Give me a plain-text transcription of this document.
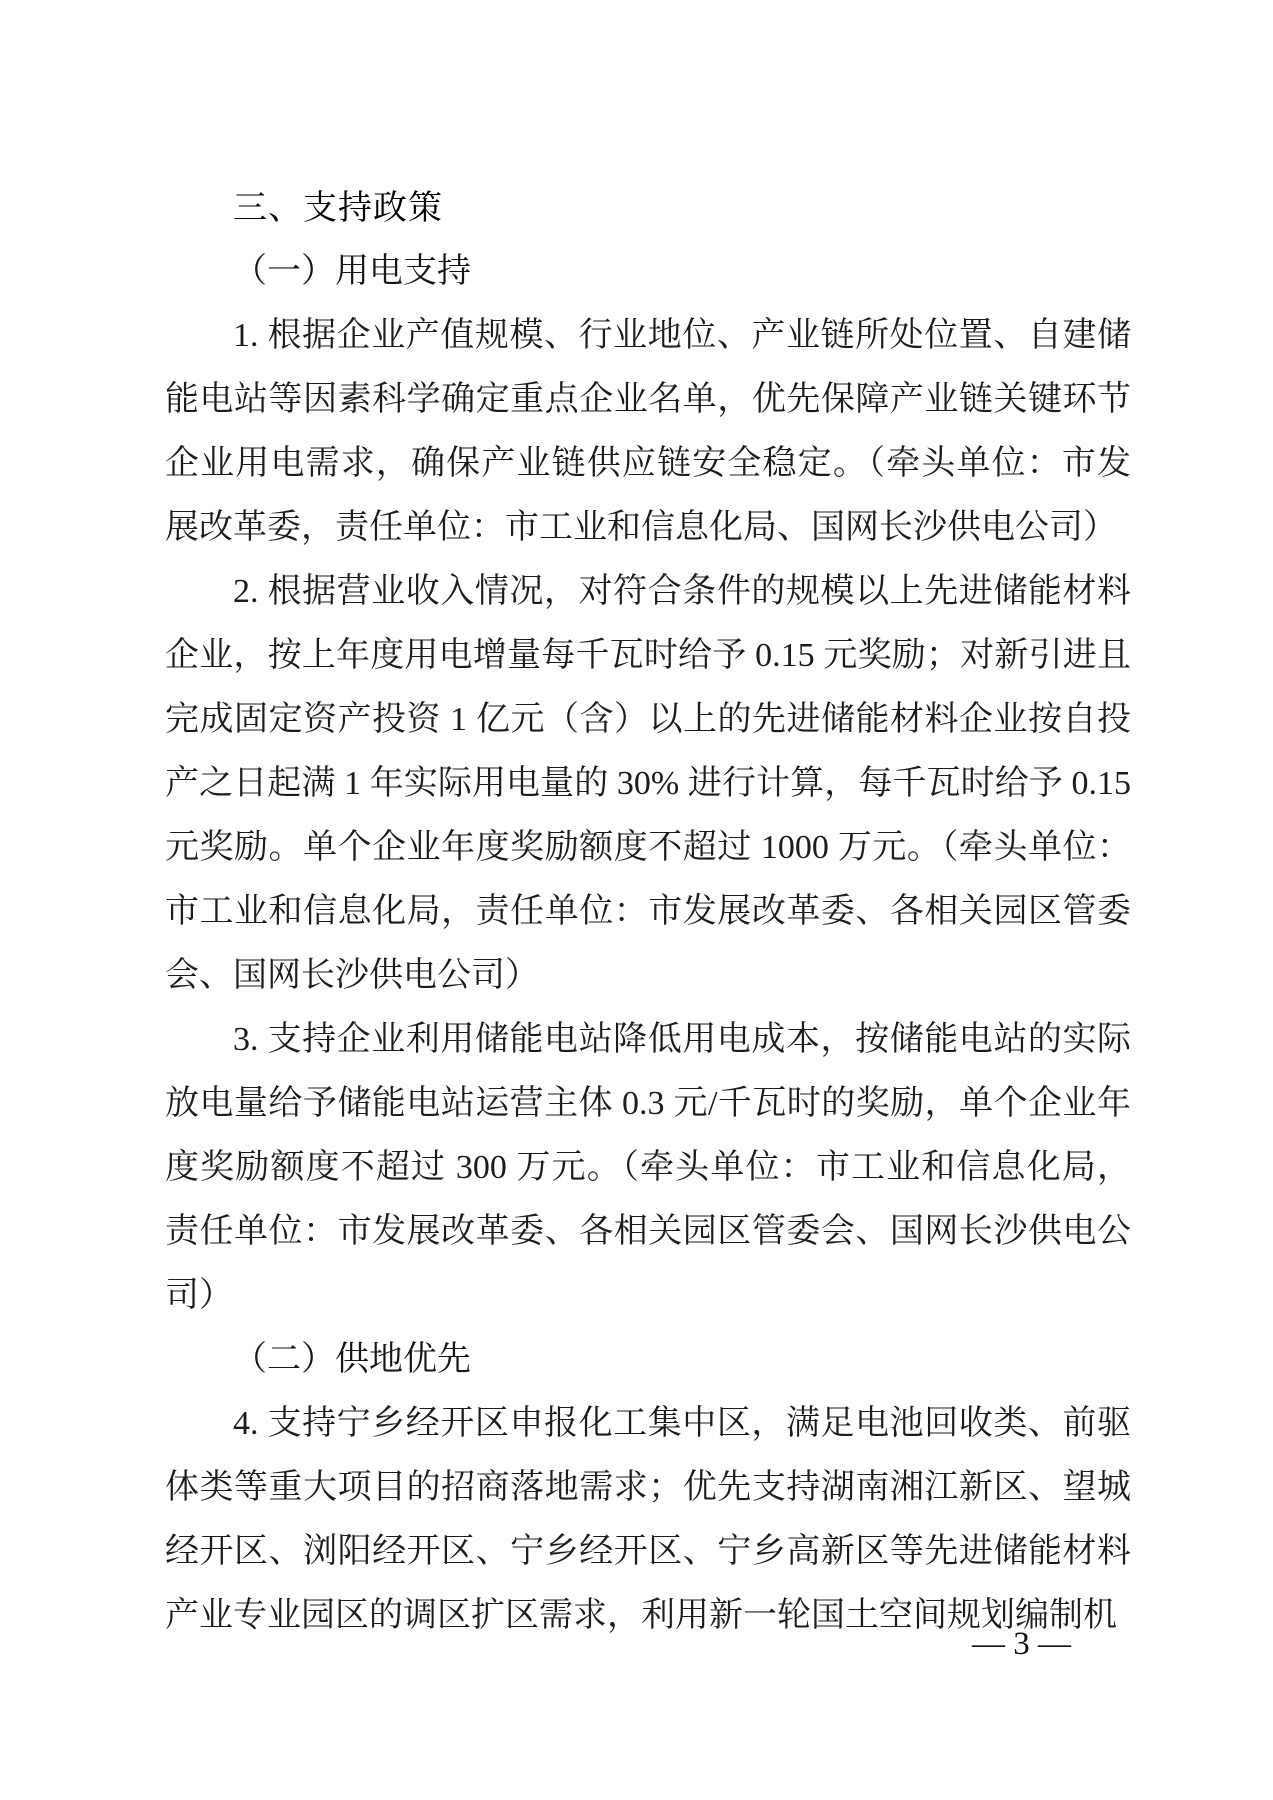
三、支持政策
（一）用电支持

1. 根据企业产值规模、行业地位、产业链所处位置、自建储能电站等因素科学确定重点企业名单，优先保障产业链关键环节企业用电需求，确保产业链供应链安全稳定。（牵头单位：市发展改革委，责任单位：市工业和信息化局、国网长沙供电公司）

2. 根据营业收入情况，对符合条件的规模以上先进储能材料企业，按上年度用电增量每千瓦时给予 0.15 元奖励；对新引进且完成固定资产投资 1 亿元（含）以上的先进储能材料企业按自投产之日起满 1 年实际用电量的 30% 进行计算，每千瓦时给予 0.15 元奖励。单个企业年度奖励额度不超过 1000 万元。（牵头单位：市工业和信息化局，责任单位：市发展改革委、各相关园区管委会、国网长沙供电公司）

3. 支持企业利用储能电站降低用电成本，按储能电站的实际放电量给予储能电站运营主体 0.3 元/千瓦时的奖励，单个企业年度奖励额度不超过 300 万元。（牵头单位：市工业和信息化局，责任单位：市发展改革委、各相关园区管委会、国网长沙供电公司）

（二）供地优先

4. 支持宁乡经开区申报化工集中区，满足电池回收类、前驱体类等重大项目的招商落地需求；优先支持湖南湘江新区、望城经开区、浏阳经开区、宁乡经开区、宁乡高新区等先进储能材料产业专业园区的调区扩区需求，利用新一轮国土空间规划编制机

— 3 —
